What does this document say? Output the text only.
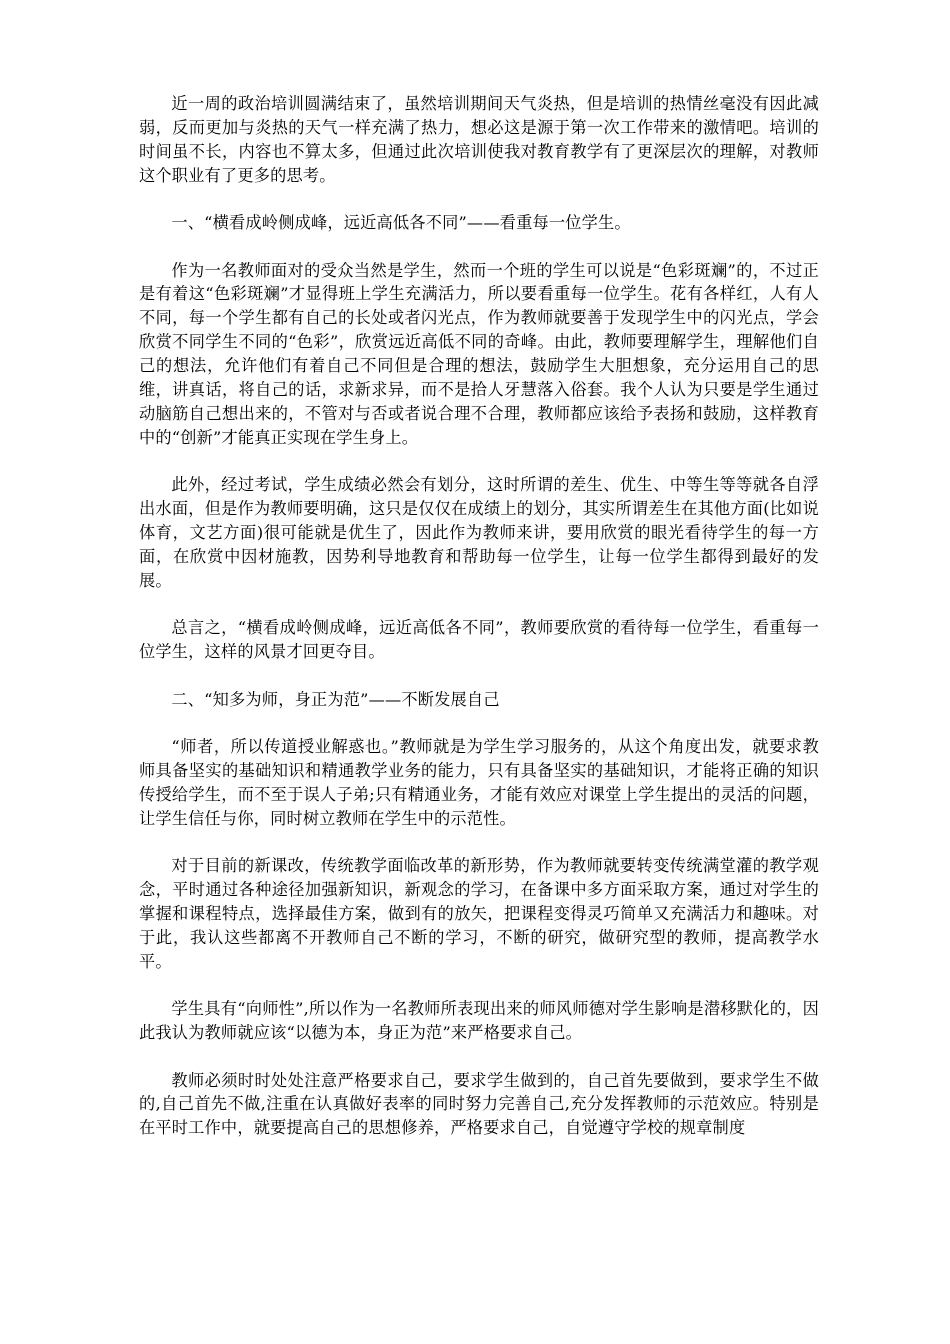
近一周的政治培训圆满结束了，虽然培训期间天气炎热，但是培训的热情丝毫没有因此减弱，反而更加与炎热的天气一样充满了热力，想必这是源于第一次工作带来的激情吧。培训的时间虽不长，内容也不算太多，但通过此次培训使我对教育教学有了更深层次的理解，对教师这个职业有了更多的思考。

一、“横看成岭侧成峰，远近高低各不同”——看重每一位学生。

作为一名教师面对的受众当然是学生，然而一个班的学生可以说是“色彩斑斓”的，不过正是有着这“色彩斑斓”才显得班上学生充满活力，所以要看重每一位学生。花有各样红，人有人不同，每一个学生都有自己的长处或者闪光点，作为教师就要善于发现学生中的闪光点，学会欣赏不同学生不同的“色彩”，欣赏远近高低不同的奇峰。由此，教师要理解学生，理解他们自己的想法，允许他们有着自己不同但是合理的想法，鼓励学生大胆想象，充分运用自己的思维，讲真话，将自己的话，求新求异，而不是拾人牙慧落入俗套。我个人认为只要是学生通过动脑筋自己想出来的，不管对与否或者说合理不合理，教师都应该给予表扬和鼓励，这样教育中的“创新”才能真正实现在学生身上。

此外，经过考试，学生成绩必然会有划分，这时所谓的差生、优生、中等生等等就各自浮出水面，但是作为教师要明确，这只是仅仅在成绩上的划分，其实所谓差生在其他方面(比如说体育，文艺方面)很可能就是优生了，因此作为教师来讲，要用欣赏的眼光看待学生的每一方面，在欣赏中因材施教，因势利导地教育和帮助每一位学生，让每一位学生都得到最好的发展。

总言之，“横看成岭侧成峰，远近高低各不同”，教师要欣赏的看待每一位学生，看重每一位学生，这样的风景才回更夺目。

二、“知多为师，身正为范”——不断发展自己

“师者，所以传道授业解惑也。”教师就是为学生学习服务的，从这个角度出发，就要求教师具备坚实的基础知识和精通教学业务的能力，只有具备坚实的基础知识，才能将正确的知识传授给学生，而不至于误人子弟;只有精通业务，才能有效应对课堂上学生提出的灵活的问题，让学生信任与你，同时树立教师在学生中的示范性。

对于目前的新课改，传统教学面临改革的新形势，作为教师就要转变传统满堂灌的教学观念，平时通过各种途径加强新知识，新观念的学习，在备课中多方面采取方案，通过对学生的掌握和课程特点，选择最佳方案，做到有的放矢，把课程变得灵巧简单又充满活力和趣味。对于此，我认这些都离不开教师自己不断的学习，不断的研究，做研究型的教师，提高教学水平。

学生具有“向师性”,所以作为一名教师所表现出来的师风师德对学生影响是潜移默化的，因此我认为教师就应该“以德为本，身正为范”来严格要求自己。

教师必须时时处处注意严格要求自己，要求学生做到的，自己首先要做到，要求学生不做的,自己首先不做,注重在认真做好表率的同时努力完善自己,充分发挥教师的示范效应。特别是在平时工作中，就要提高自己的思想修养，严格要求自己，自觉遵守学校的规章制度
